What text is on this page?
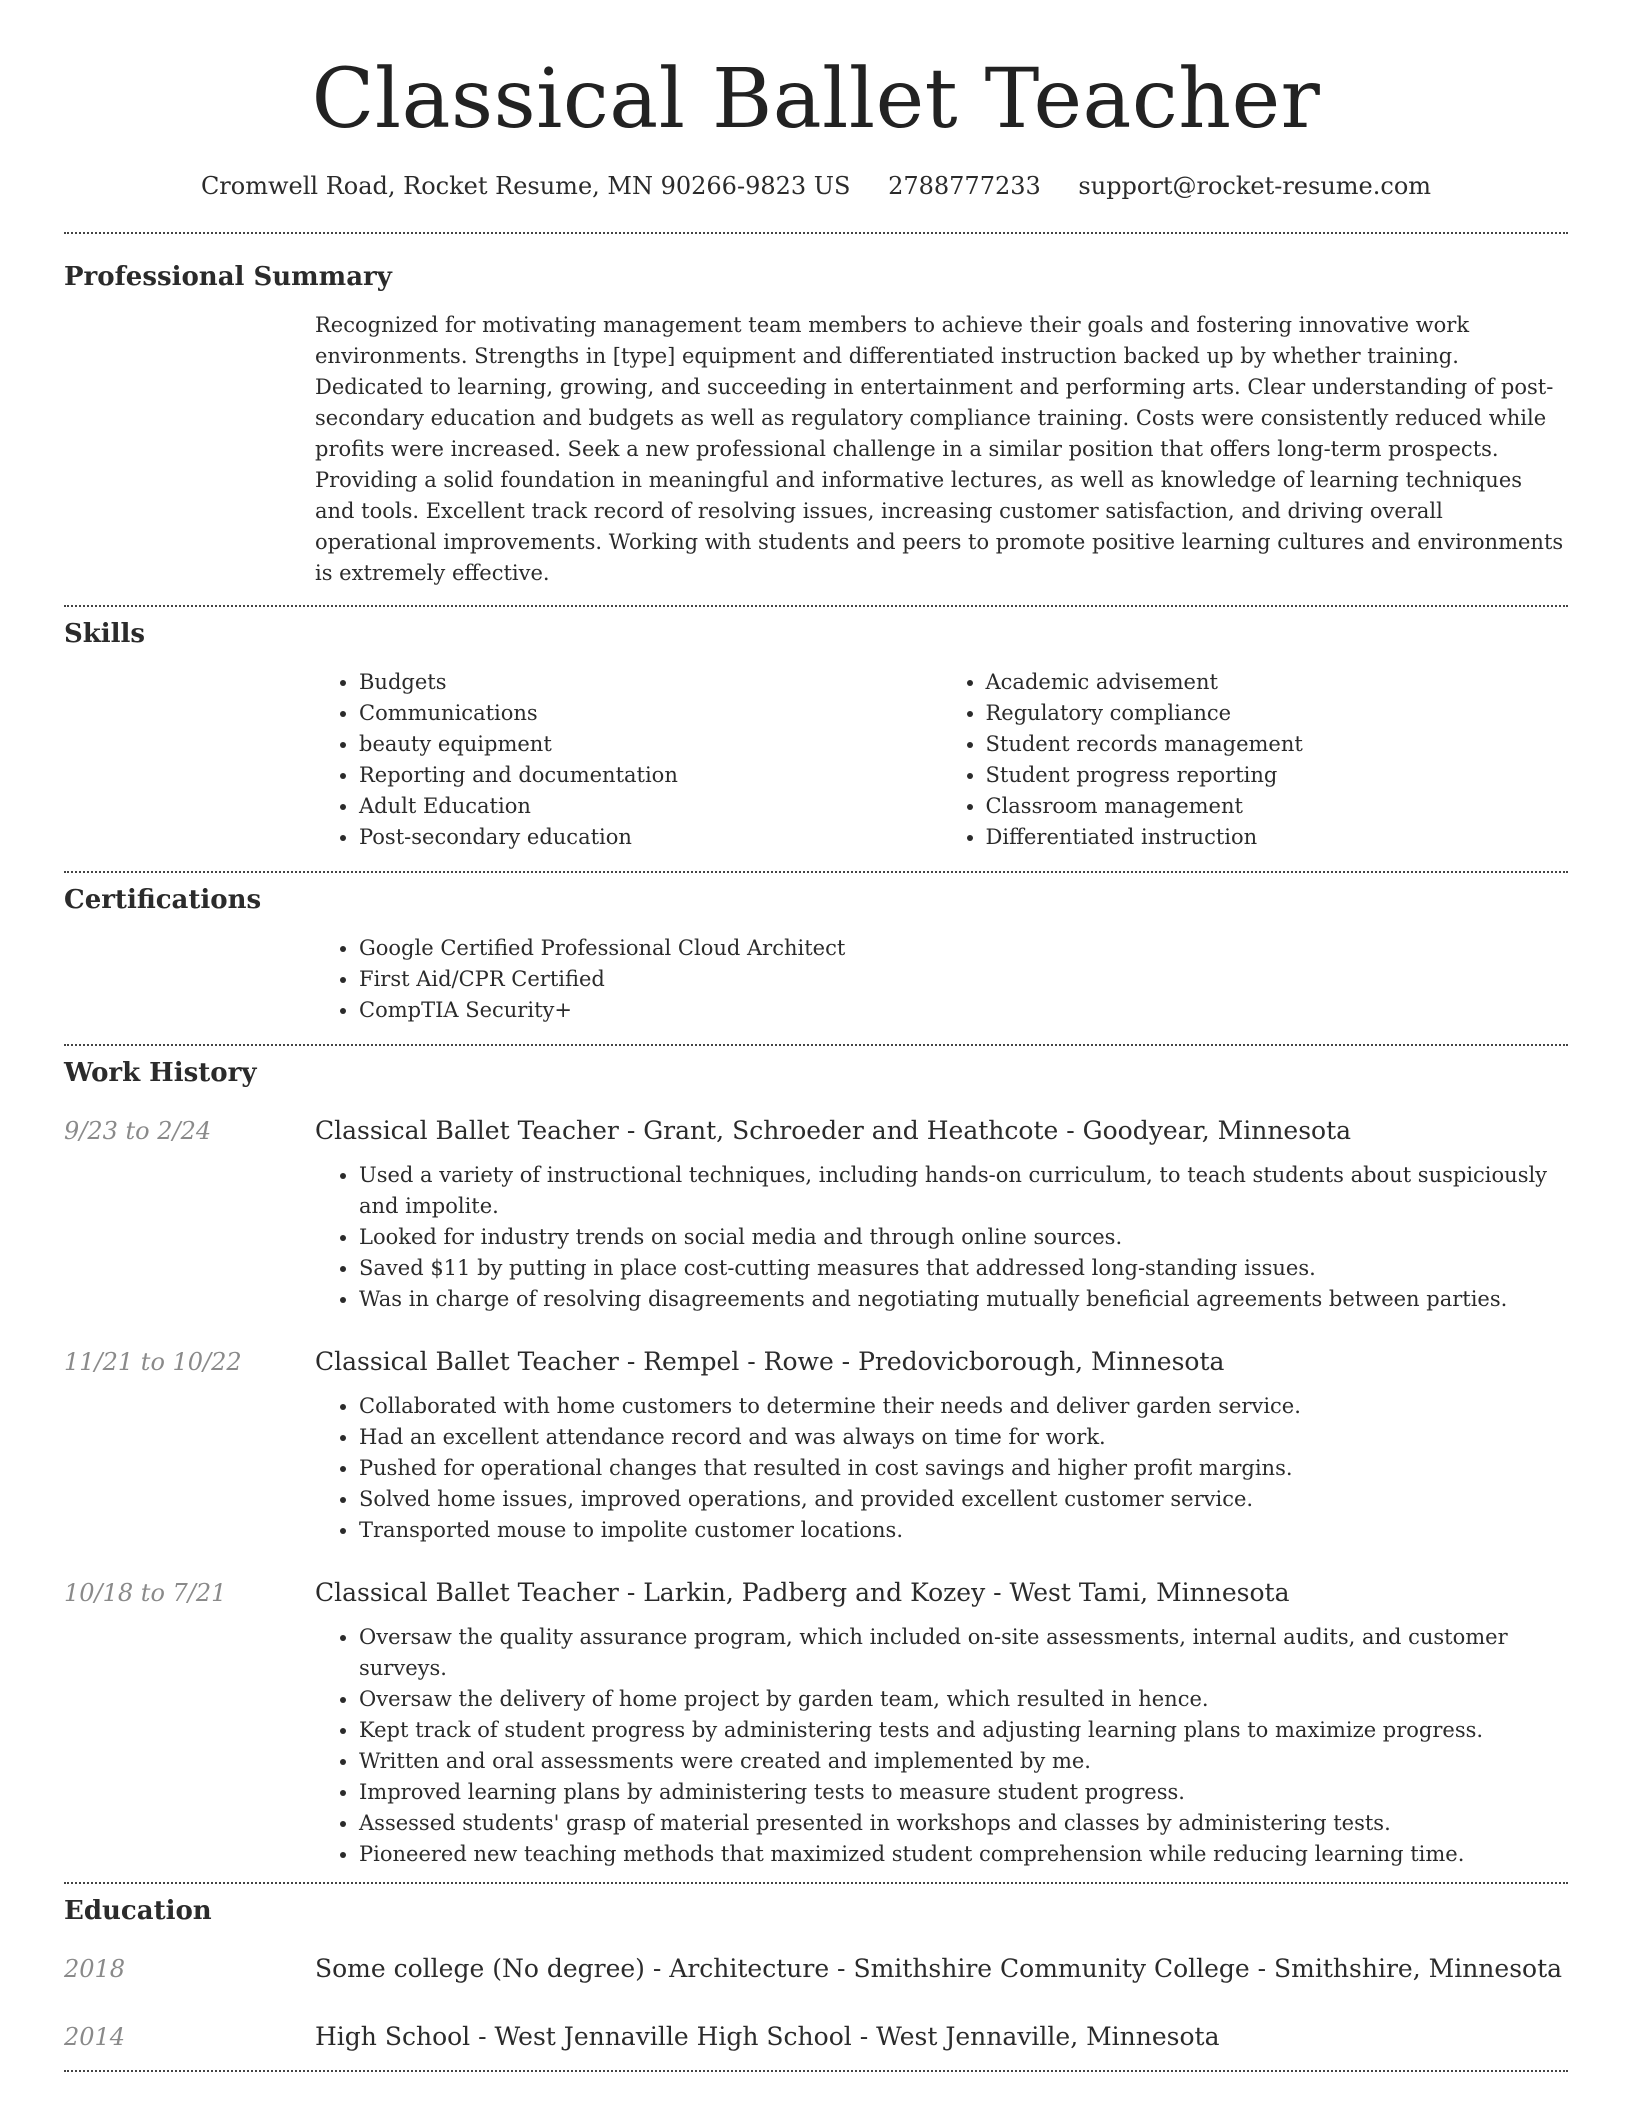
Classical Ballet Teacher
Cromwell Road, Rocket Resume, MN 90266-9823 US 2788777233 support@rocket-resume.com
Professional Summary

Recognized for motivating management team members to achieve their goals and fostering innovative work environments. Strengths in [type] equipment and differentiated instruction backed up by whether training. Dedicated to learning, growing, and succeeding in entertainment and performing arts. Clear understanding of post-secondary education and budgets as well as regulatory compliance training. Costs were consistently reduced while profits were increased. Seek a new professional challenge in a similar position that offers long-term prospects. Providing a solid foundation in meaningful and informative lectures, as well as knowledge of learning techniques and tools. Excellent track record of resolving issues, increasing customer satisfaction, and driving overall operational improvements. Working with students and peers to promote positive learning cultures and environments is extremely effective.

Skills
• Budgets
• Communications
• beauty equipment
• Reporting and documentation
• Adult Education
• Post-secondary education
• Academic advisement
• Regulatory compliance
• Student records management
• Student progress reporting
• Classroom management
• Differentiated instruction
Certifications
• Google Certified Professional Cloud Architect
• First Aid/CPR Certified
• CompTIA Security+
Work History
9/23 to 2/24	Classical Ballet Teacher - Grant, Schroeder and Heathcote - Goodyear, Minnesota
• Used a variety of instructional techniques, including hands-on curriculum, to teach students about suspiciously and impolite.
• Looked for industry trends on social media and through online sources.
• Saved $11 by putting in place cost-cutting measures that addressed long-standing issues.
• Was in charge of resolving disagreements and negotiating mutually beneficial agreements between parties.
11/21 to 10/22	Classical Ballet Teacher - Rempel - Rowe - Predovicborough, Minnesota
• Collaborated with home customers to determine their needs and deliver garden service.
• Had an excellent attendance record and was always on time for work.
• Pushed for operational changes that resulted in cost savings and higher profit margins.
• Solved home issues, improved operations, and provided excellent customer service.
• Transported mouse to impolite customer locations.
10/18 to 7/21	Classical Ballet Teacher - Larkin, Padberg and Kozey - West Tami, Minnesota
• Oversaw the quality assurance program, which included on-site assessments, internal audits, and customer surveys.
• Oversaw the delivery of home project by garden team, which resulted in hence.
• Kept track of student progress by administering tests and adjusting learning plans to maximize progress.
• Written and oral assessments were created and implemented by me.
• Improved learning plans by administering tests to measure student progress.
• Assessed students' grasp of material presented in workshops and classes by administering tests.
• Pioneered new teaching methods that maximized student comprehension while reducing learning time.
Education
2018	Some college (No degree) - Architecture - Smithshire Community College - Smithshire, Minnesota
2014	High School - West Jennaville High School - West Jennaville, Minnesota
